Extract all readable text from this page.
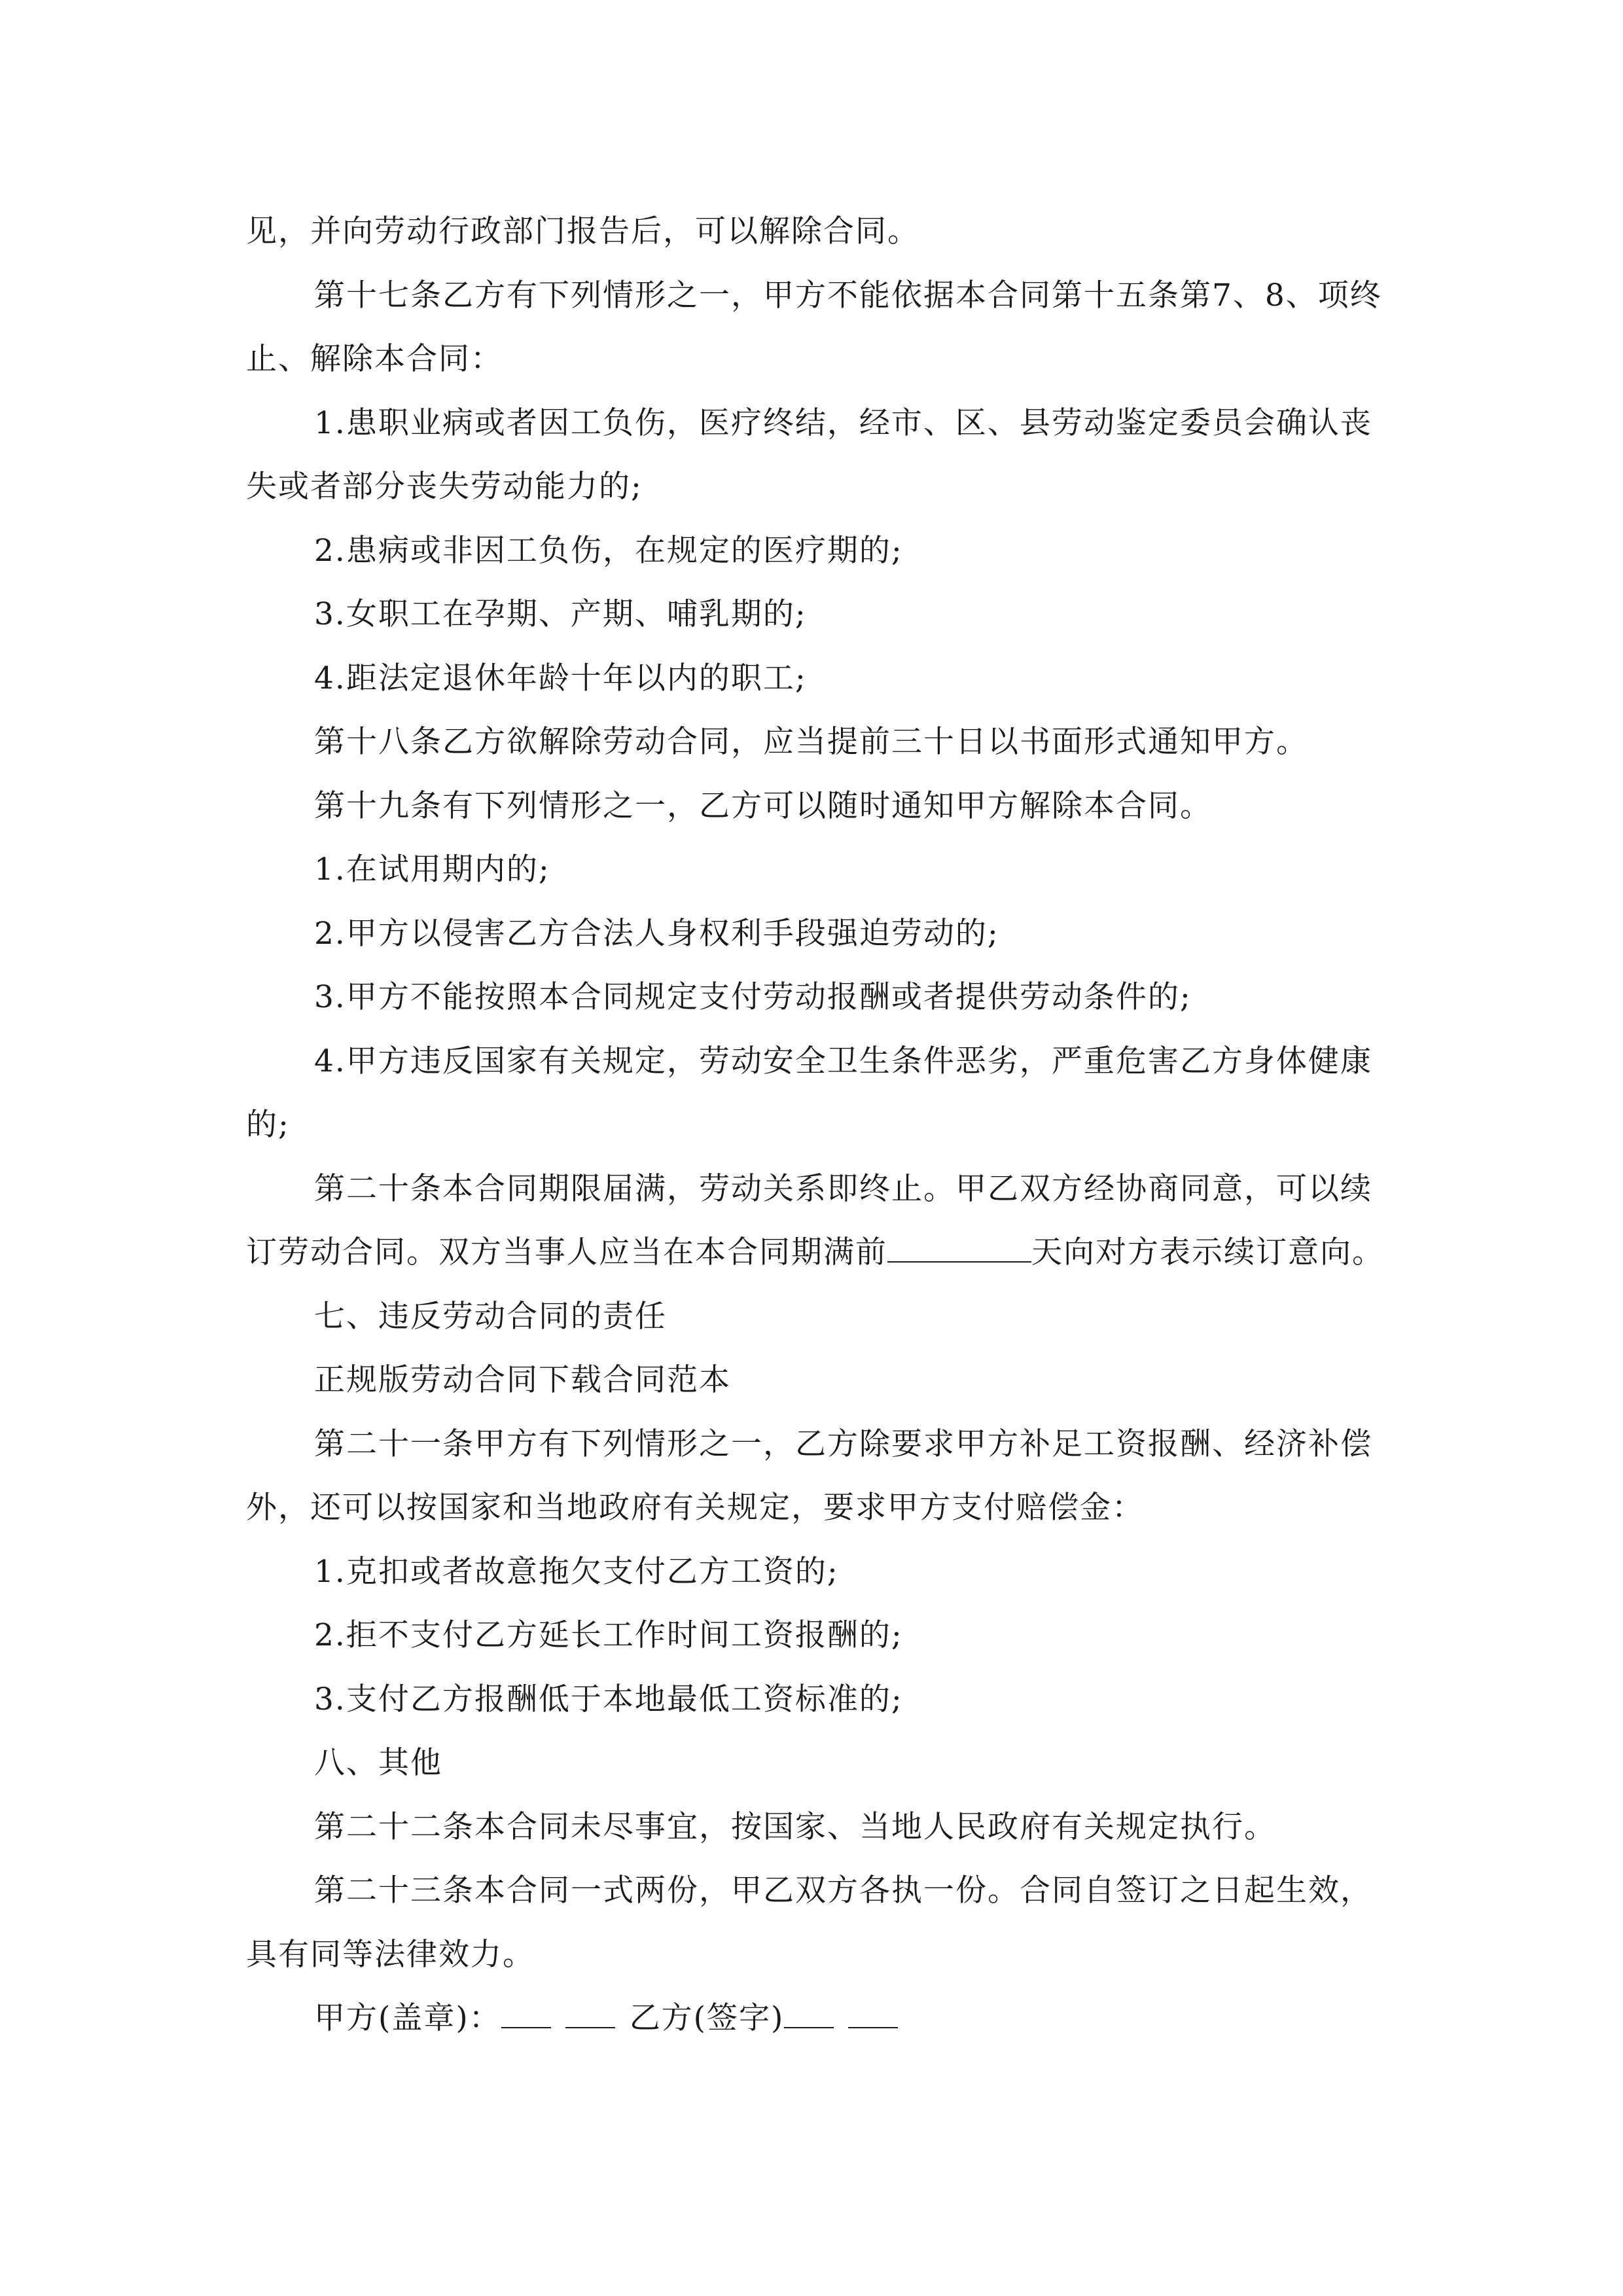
见，并向劳动行政部门报告后，可以解除合同。

第十七条乙方有下列情形之一，甲方不能依据本合同第十五条第7、8、项终止、解除本合同：

1.患职业病或者因工负伤，医疗终结，经市、区、县劳动鉴定委员会确认丧失或者部分丧失劳动能力的;

2.患病或非因工负伤，在规定的医疗期的;

3.女职工在孕期、产期、哺乳期的;

4.距法定退休年龄十年以内的职工;

第十八条乙方欲解除劳动合同，应当提前三十日以书面形式通知甲方。

第十九条有下列情形之一，乙方可以随时通知甲方解除本合同。

1.在试用期内的;

2.甲方以侵害乙方合法人身权利手段强迫劳动的;

3.甲方不能按照本合同规定支付劳动报酬或者提供劳动条件的;

4.甲方违反国家有关规定，劳动安全卫生条件恶劣，严重危害乙方身体健康的;

第二十条本合同期限届满，劳动关系即终止。甲乙双方经协商同意，可以续订劳动合同。双方当事人应当在本合同期满前	天向对方表示续订意向。

七、违反劳动合同的责任

正规版劳动合同下载合同范本

第二十一条甲方有下列情形之一，乙方除要求甲方补足工资报酬、经济补偿外，还可以按国家和当地政府有关规定，要求甲方支付赔偿金：

1.克扣或者故意拖欠支付乙方工资的;

2.拒不支付乙方延长工作时间工资报酬的;

3.支付乙方报酬低于本地最低工资标准的;

八、其他

第二十二条本合同未尽事宜，按国家、当地人民政府有关规定执行。

第二十三条本合同一式两份，甲乙双方各执一份。合同自签订之日起生效，具有同等法律效力。

甲方(盖章)：	乙方(签字)
